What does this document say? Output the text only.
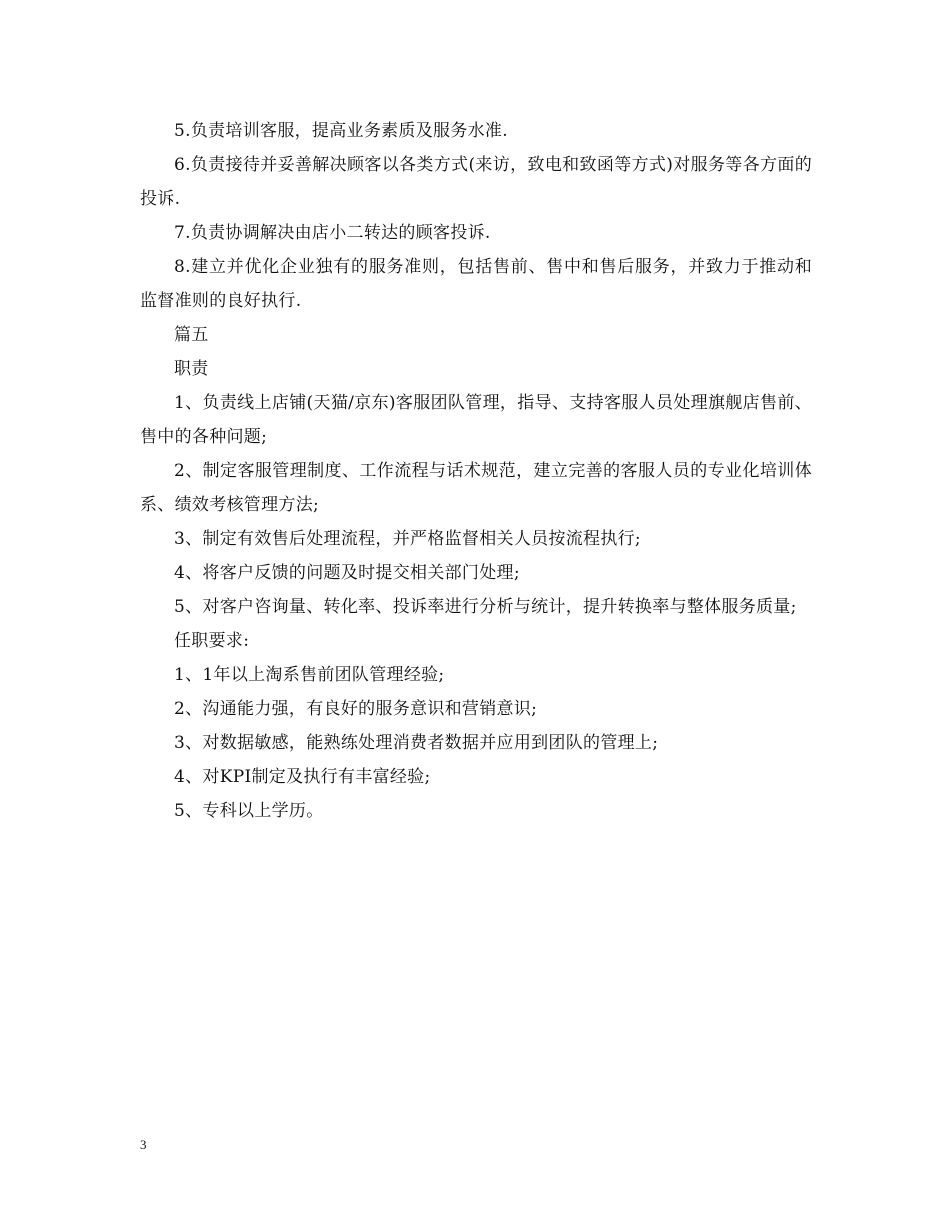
5.负责培训客服，提高业务素质及服务水准.

6.负责接待并妥善解决顾客以各类方式(来访，致电和致函等方式)对服务等各方面的投诉.

7.负责协调解决由店小二转达的顾客投诉.

8.建立并优化企业独有的服务准则，包括售前、售中和售后服务，并致力于推动和监督准则的良好执行.

篇五

职责

1、负责线上店铺(天猫/京东)客服团队管理，指导、支持客服人员处理旗舰店售前、售中的各种问题;

2、制定客服管理制度、工作流程与话术规范，建立完善的客服人员的专业化培训体系、绩效考核管理方法;

3、制定有效售后处理流程，并严格监督相关人员按流程执行;

4、将客户反馈的问题及时提交相关部门处理;

5、对客户咨询量、转化率、投诉率进行分析与统计，提升转换率与整体服务质量;

任职要求:

1、1年以上淘系售前团队管理经验;

2、沟通能力强，有良好的服务意识和营销意识;

3、对数据敏感，能熟练处理消费者数据并应用到团队的管理上;

4、对KPI制定及执行有丰富经验;

5、专科以上学历。

3
